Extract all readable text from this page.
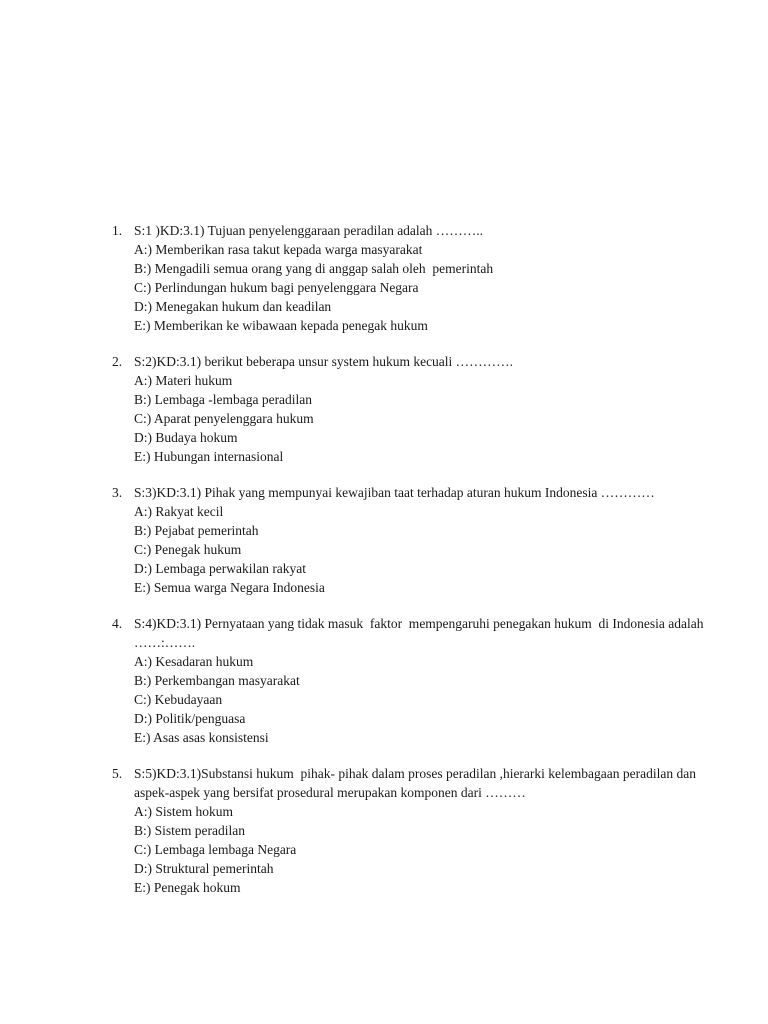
1. S:1 )KD:3.1) Tujuan penyelenggaraan peradilan adalah ………..
A:) Memberikan rasa takut kepada warga masyarakat
B:) Mengadili semua orang yang di anggap salah oleh  pemerintah
C:) Perlindungan hukum bagi penyelenggara Negara
D:) Menegakan hukum dan keadilan
E:) Memberikan ke wibawaan kepada penegak hukum
2. S:2)KD:3.1) berikut beberapa unsur system hukum kecuali ………….
A:) Materi hukum
B:) Lembaga -lembaga peradilan
C:) Aparat penyelenggara hukum
D:) Budaya hokum
E:) Hubungan internasional
3. S:3)KD:3.1) Pihak yang mempunyai kewajiban taat terhadap aturan hukum Indonesia …………
A:) Rakyat kecil
B:) Pejabat pemerintah
C:) Penegak hukum
D:) Lembaga perwakilan rakyat
E:) Semua warga Negara Indonesia
4. S:4)KD:3.1) Pernyataan yang tidak masuk  faktor  mempengaruhi penegakan hukum  di Indonesia adalah ……:…….
A:) Kesadaran hukum
B:) Perkembangan masyarakat
C:) Kebudayaan
D:) Politik/penguasa
E:) Asas asas konsistensi
5. S:5)KD:3.1)Substansi hukum  pihak- pihak dalam proses peradilan ,hierarki kelembagaan peradilan dan aspek-aspek yang bersifat prosedural merupakan komponen dari ………
A:) Sistem hokum
B:) Sistem peradilan
C:) Lembaga lembaga Negara
D:) Struktural pemerintah
E:) Penegak hokum
